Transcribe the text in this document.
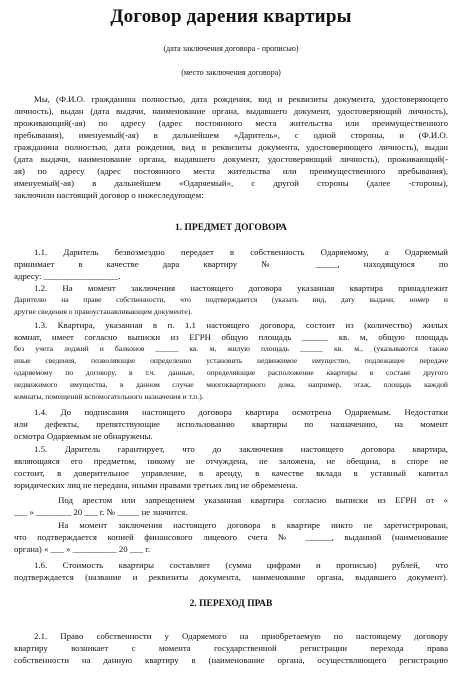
Договор дарения квартиры
(дата заключения договора - прописью)
(место заключения договора)
Мы, (Ф.И.О. гражданина полностью, дата рождения, вид и реквизиты документа, удостоверяющего
личность), выдан (дата выдачи, наименование органа, выдавшего документ, удостоверяющий личность),
проживающий(-ая) по адресу (адрес постоянного места жительства или преимущественного
пребывания), именуемый(-ая) в дальнейшем «Даритель», с одной стороны, и (Ф.И.О.
гражданина полностью, дата рождения, вид и реквизиты документа, удостоверяющего личность), выдан
(дата выдачи, наименование органа, выдавшего документ, удостоверяющий личность), проживающий(-
ая) по адресу (адрес постоянного места жительства или преимущественного пребывания),
именуемый(-ая) в дальнейшем «Одаряемый», с другой стороны (далее -стороны),
заключили настоящий договор о нижеследующем:
1. ПРЕДМЕТ ДОГОВОРА
1.1. Даритель безвозмездно передает в собственность Одаряемому, а Одаряемый
принимает в качестве дара квартиру № _____, находящуюся по
адресу: _________________.
1.2. На момент заключения настоящего договора указанная квартира принадлежит
Дарителю на праве собственности, что подтверждается (указать вид, дату выдачи, номер и
другие сведения о правоустанавливающем документе).
1.3. Квартира, указанная в п. 1.1 настоящего договора, состоит из (количество) жилых
комнат, имеет согласно выписки из ЕГРН общую площадь ______ кв. м, общую площадь
без учета лоджий и балконов ______ кв. м, жилую площадь ______ кв. м., (указываются также
иные сведения, позволяющие определенно установить недвижимое имущество, подлежащее передаче
одаряемому по договору, в т.ч. данные, определяющие расположение квартиры в составе другого
недвижимого имущества, в данном случае многоквартирного дома, например, этаж, площадь каждой
комнаты, помещений вспомогательного назначения и т.п.).
1.4. До подписания настоящего договора квартира осмотрена Одаряемым. Недостатки
или дефекты, препятствующие использованию квартиры по назначению, на момент
осмотра Одаряемым не обнаружены.
1.5. Даритель гарантирует, что до заключения настоящего договора квартира,
являющаяся его предметом, никому не отчуждена, не заложена, не обещана, в споре не
состоит, в доверительное управление, в аренду, в качестве вклада в уставный капитал
юридических лиц не передана, иными правами третьих лиц не обременена.
Под арестом или запрещением указанная квартира согласно выписки из ЕГРН от «
___ » ________ 20 ___ г. № _____ не значится.
На момент заключения настоящего договора в квартире никто не зарегистрирован,
что подтверждается копией финансового лицевого счета № ______, выданной (наименование
органа) « ___ » __________ 20 ___ г.
1.6. Стоимость квартиры составляет (сумма цифрами и прописью) рублей, что
подтверждается (название и реквизиты документа, наименование органа, выдавшего документ).
2. ПЕРЕХОД ПРАВ
2.1. Право собственности у Одаряемого на приобретаемую по настоящему договору
квартиру возникает с момента государственной регистрации перехода права
собственности на данную квартиру в (наименование органа, осуществляющего регистрацию
